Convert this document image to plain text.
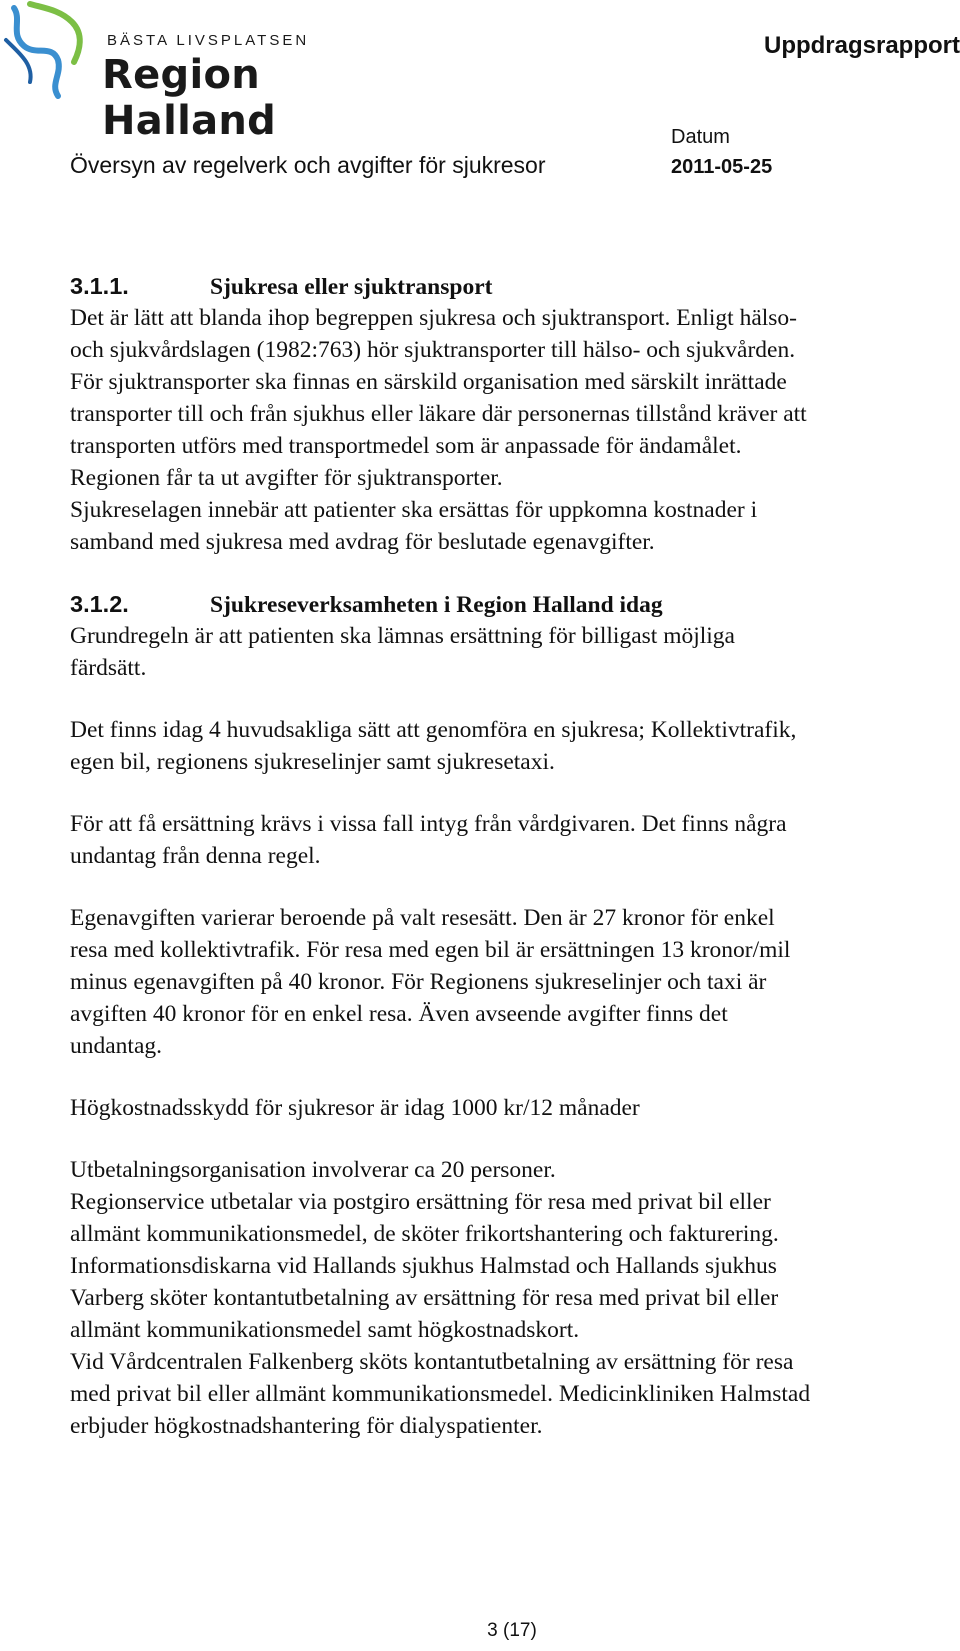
BÄSTA LIVSPLATSEN
Region Halland
Uppdragsrapport
Översyn av regelverk och avgifter för sjukresor
Datum
2011-05-25
3.1.1.	Sjukresa eller sjuktransport

Det är lätt att blanda ihop begreppen sjukresa och sjuktransport. Enligt hälso-

och sjukvårdslagen (1982:763) hör sjuktransporter till hälso- och sjukvården.

För sjuktransporter ska finnas en särskild organisation med särskilt inrättade

transporter till och från sjukhus eller läkare där personernas tillstånd kräver att

transporten utförs med transportmedel som är anpassade för ändamålet.

Regionen får ta ut avgifter för sjuktransporter.

Sjukreselagen innebär att patienter ska ersättas för uppkomna kostnader i

samband med sjukresa med avdrag för beslutade egenavgifter.

3.1.2.	Sjukreseverksamheten i Region Halland idag

Grundregeln är att patienten ska lämnas ersättning för billigast möjliga

färdsätt.

Det finns idag 4 huvudsakliga sätt att genomföra en sjukresa; Kollektivtrafik,

egen bil, regionens sjukreselinjer samt sjukresetaxi.

För att få ersättning krävs i vissa fall intyg från vårdgivaren. Det finns några

undantag från denna regel.

Egenavgiften varierar beroende på valt resesätt. Den är 27 kronor för enkel

resa med kollektivtrafik. För resa med egen bil är ersättningen 13 kronor/mil

minus egenavgiften på 40 kronor. För Regionens sjukreselinjer och taxi är

avgiften 40 kronor för en enkel resa. Även avseende avgifter finns det

undantag.

Högkostnadsskydd för sjukresor är idag 1000 kr/12 månader

Utbetalningsorganisation involverar ca 20 personer.

Regionservice utbetalar via postgiro ersättning för resa med privat bil eller

allmänt kommunikationsmedel, de sköter frikortshantering och fakturering.

Informationsdiskarna vid Hallands sjukhus Halmstad och Hallands sjukhus

Varberg sköter kontantutbetalning av ersättning för resa med privat bil eller

allmänt kommunikationsmedel samt högkostnadskort.

Vid Vårdcentralen Falkenberg sköts kontantutbetalning av ersättning för resa

med privat bil eller allmänt kommunikationsmedel. Medicinkliniken Halmstad

erbjuder högkostnadshantering för dialyspatienter.

3 (17)
